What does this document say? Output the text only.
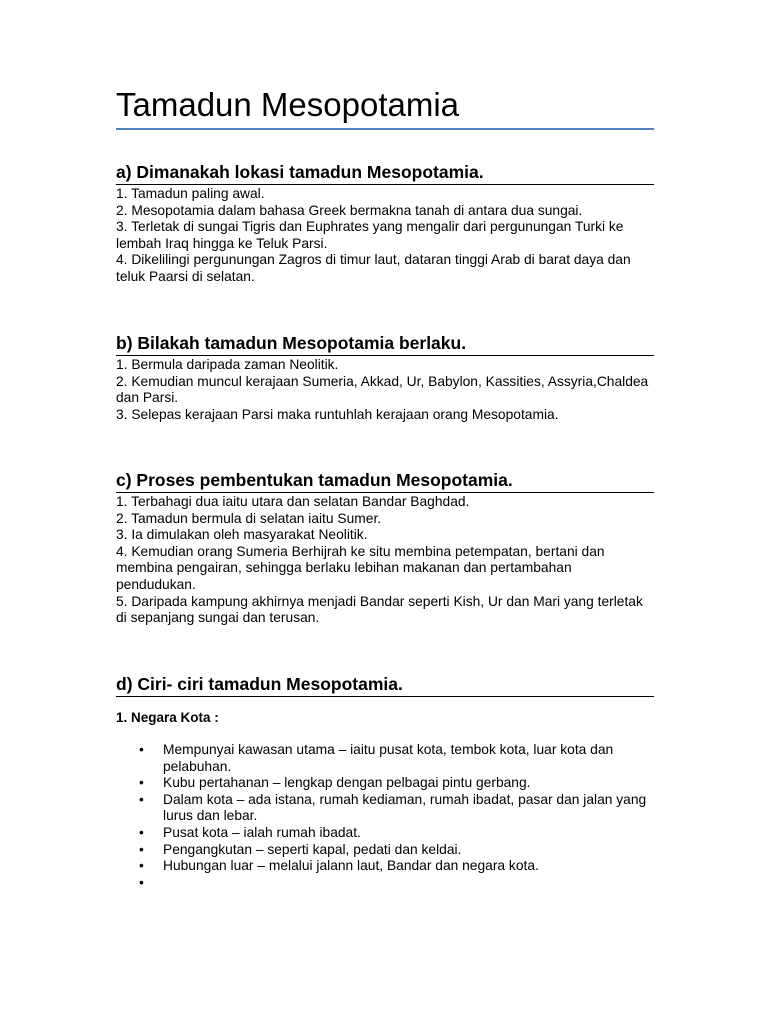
Tamadun Mesopotamia
a) Dimanakah lokasi tamadun Mesopotamia.
1. Tamadun paling awal.
2. Mesopotamia dalam bahasa Greek bermakna tanah di antara dua sungai.
3. Terletak di sungai Tigris dan Euphrates yang mengalir dari pergunungan Turki ke lembah Iraq hingga ke Teluk Parsi.
4. Dikelilingi pergunungan Zagros di timur laut, dataran tinggi Arab di barat daya dan teluk Paarsi di selatan.
b) Bilakah tamadun Mesopotamia berlaku.
1. Bermula daripada zaman Neolitik.
2. Kemudian muncul kerajaan Sumeria, Akkad, Ur, Babylon, Kassities, Assyria,Chaldea dan Parsi.
3. Selepas kerajaan Parsi maka runtuhlah kerajaan orang Mesopotamia.
c) Proses pembentukan tamadun Mesopotamia.
1. Terbahagi dua iaitu utara dan selatan Bandar Baghdad.
2. Tamadun bermula di selatan iaitu Sumer.
3. Ia dimulakan oleh masyarakat Neolitik.
4. Kemudian orang Sumeria Berhijrah ke situ membina petempatan, bertani dan membina pengairan, sehingga berlaku lebihan makanan dan pertambahan pendudukan.
5. Daripada kampung akhirnya menjadi Bandar seperti Kish, Ur dan Mari yang terletak di sepanjang sungai dan terusan.
d) Ciri- ciri tamadun Mesopotamia.
1. Negara Kota :
• Mempunyai kawasan utama – iaitu pusat kota, tembok kota, luar kota dan pelabuhan.
• Kubu pertahanan – lengkap dengan pelbagai pintu gerbang.
• Dalam kota – ada istana, rumah kediaman, rumah ibadat, pasar dan jalan yang lurus dan lebar.
• Pusat kota – ialah rumah ibadat.
• Pengangkutan – seperti kapal, pedati dan keldai.
• Hubungan luar – melalui jalann laut, Bandar dan negara kota.
•
